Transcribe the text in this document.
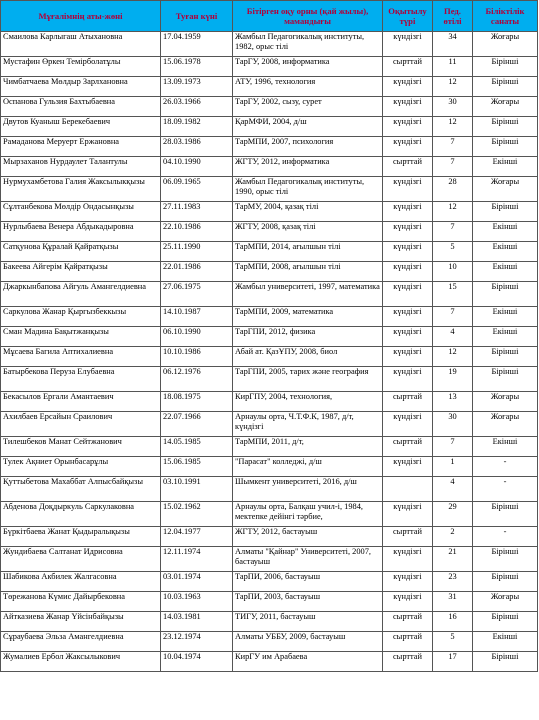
Мұғалімнің аты-жөні	Туған күні	Бітірген оқу орны (қай жылы), мамандығы	Оқытылу түрі	Пед. өтілі	Біліктілік санаты
Смаилова Карлыгаш Атыхановна	17.04.1959	Жамбыл Педагогикалық институты, 1982, орыс тілі	күндізгі	34	Жоғары
Мустафин Өркен Темірболатұлы	15.06.1978	ТарГУ, 2008, информатика	сырттай	11	Бірінші
Чимбатчаева Мөлдыр Зарлхановна	13.09.1973	АТУ, 1996, технология	күндізгі	12	Бірінші
Оспанова Гульзия Бахтыбаевна	26.03.1966	ТарГУ, 2002, сызу, сурет	күндізгі	30	Жоғары
Двутов Куаныш Берекебаевич	18.09.1982	ҚарМФИ, 2004, д/ш	күндізгі	12	Бірінші
Рамаданова Меруерт Ержановна	28.03.1986	ТарМПИ, 2007, психология	күндізгі	7	Бірінші
Мырзаханов Нурдаулет Талантулы	04.10.1990	ЖГТУ, 2012, информатика	сырттай	7	Екінші
Нурмухамбетова Галия Жаксылыкқызы	06.09.1965	Жамбыл Педагогикалық институты, 1990, орыс тілі	күндізгі	28	Жоғары
Сұлтанбекова Мөлдір Ондасынқызы	27.11.1983	ТарМУ, 2004, қазақ тілі	күндізгі	12	Бірінші
Нурлыбаева Венера Абдыкадыровна	22.10.1986	ЖГТУ, 2008, қазақ тілі	күндізгі	7	Екінші
Сатқунова Құралай Қайратқызы	25.11.1990	ТарМПИ, 2014, ағылшын тілі	күндізгі	5	Екінші
Бакеева Айгерім Қайратқызы	22.01.1986	ТарМПИ, 2008, ағылшын тілі	күндізгі	10	Екінші
Джаркынбапова Айгуль Амангелдиевна	27.06.1975	Жамбыл университеті, 1997, математика	күндізгі	15	Бірінші
Саркулова Жанар Қыргызбеккызы	14.10.1987	ТарМПИ, 2009, математика	күндізгі	7	Екінші
Сман Мадина Бақытжанқызы	06.10.1990	ТарГПИ, 2012, физика	күндізгі	4	Екінші
Мұсаева Багила Аптихалиевна	10.10.1986	Абай ат. ҚазҰПУ, 2008, биол	күндізгі	12	Бірінші
Батырбекова Перуза Елубаевна	06.12.1976	ТарГПИ, 2005, тарих және география	күндізгі	19	Бірінші
Бекасылов Ергали Амантаевич	18.08.1975	КирГПУ, 2004, технология,	сырттай	13	Жоғары
Ахилбаев Ерсайын Сраилович	22.07.1966	Арнаулы орта, Ч.Т.Ф.К, 1987, д/т, күндізгі	күндізгі	30	Жоғары
Тилешбеков Манат Сейтжанович	14.05.1985	ТарМПИ, 2011, д/т,	сырттай	7	Екінші
Тулек Ақниет Орынбасарұлы	15.06.1985	"Парасат" колледжі, д/ш	күндізгі	1	-
Қуттыбетова Махаббат Алпысбайқызы	03.10.1991	Шымкент университеті, 2016, д/ш		4	-
Абденова Доқдыркуль Саркулаковна	15.02.1962	Арнаулы орта, Балқаш учил-і, 1984, мектепке дейінгі тәрбие,	күндізгі	29	Бірінші
Бүркітбаева Жанат Қыдыралықызы	12.04.1977	ЖГТУ, 2012, бастауыш	сырттай	2	-
Жундибаева Салтанат Идрисовна	12.11.1974	Алматы "Қайнар" Университеті, 2007, бастауыш	күндізгі	21	Бірінші
Шабикова Акбилек Жалгасовна	03.01.1974	ТарПИ, 2006, бастауыш	күндізгі	23	Бірінші
Төрежанова Күмис Дайырбековна	10.03.1963	ТарПИ, 2003, бастауыш	күндізгі	31	Жоғары
Айтказиева Жанар Үйсінбайқызы	14.03.1981	ТИГУ, 2011, бастауыш	сырттай	16	Бірінші
Сұраубаева Эльза Амангелдиевна	23.12.1974	Алматы УББУ, 2009, бастауыш	сырттай	5	Екінші
Жумалиев Ербол Жаксылыкович	10.04.1974	КирГУ им Арабаева	сырттай	17	Бірінші
